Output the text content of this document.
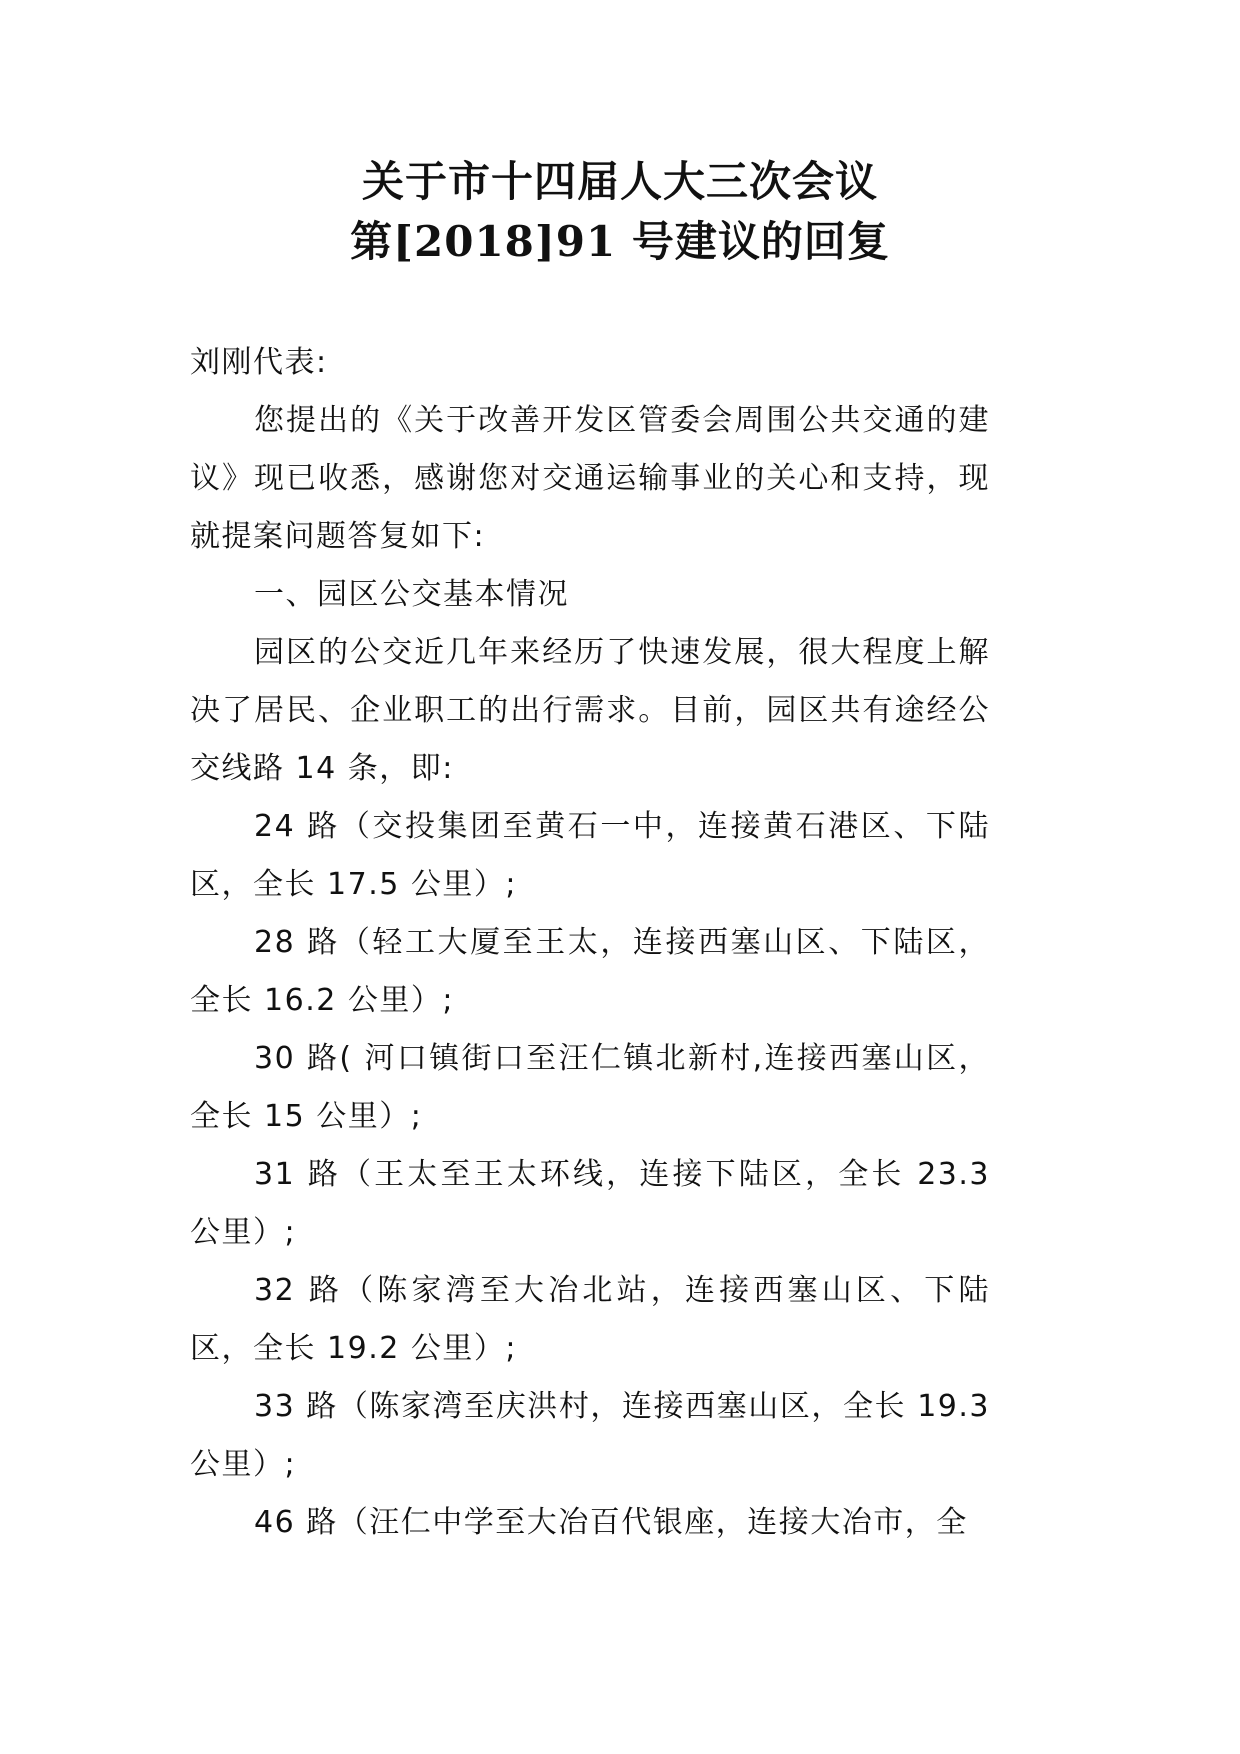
关于市十四届人大三次会议
第[2018]91 号建议的回复

刘刚代表:

您提出的《关于改善开发区管委会周围公共交通的建议》现已收悉，感谢您对交通运输事业的关心和支持，现就提案问题答复如下:

一、园区公交基本情况

园区的公交近几年来经历了快速发展，很大程度上解决了居民、企业职工的出行需求。目前，园区共有途经公交线路 14 条，即:

24 路（交投集团至黄石一中，连接黄石港区、下陆区，全长 17.5 公里）;

28 路（轻工大厦至王太，连接西塞山区、下陆区，全长 16.2 公里）;

30 路( 河口镇街口至汪仁镇北新村,连接西塞山区，全长 15 公里）;

31 路（王太至王太环线，连接下陆区，全长 23.3 公里）;

32 路（陈家湾至大冶北站，连接西塞山区、下陆区，全长 19.2 公里）;

33 路（陈家湾至庆洪村，连接西塞山区，全长 19.3 公里）;

46 路（汪仁中学至大冶百代银座，连接大冶市，全
